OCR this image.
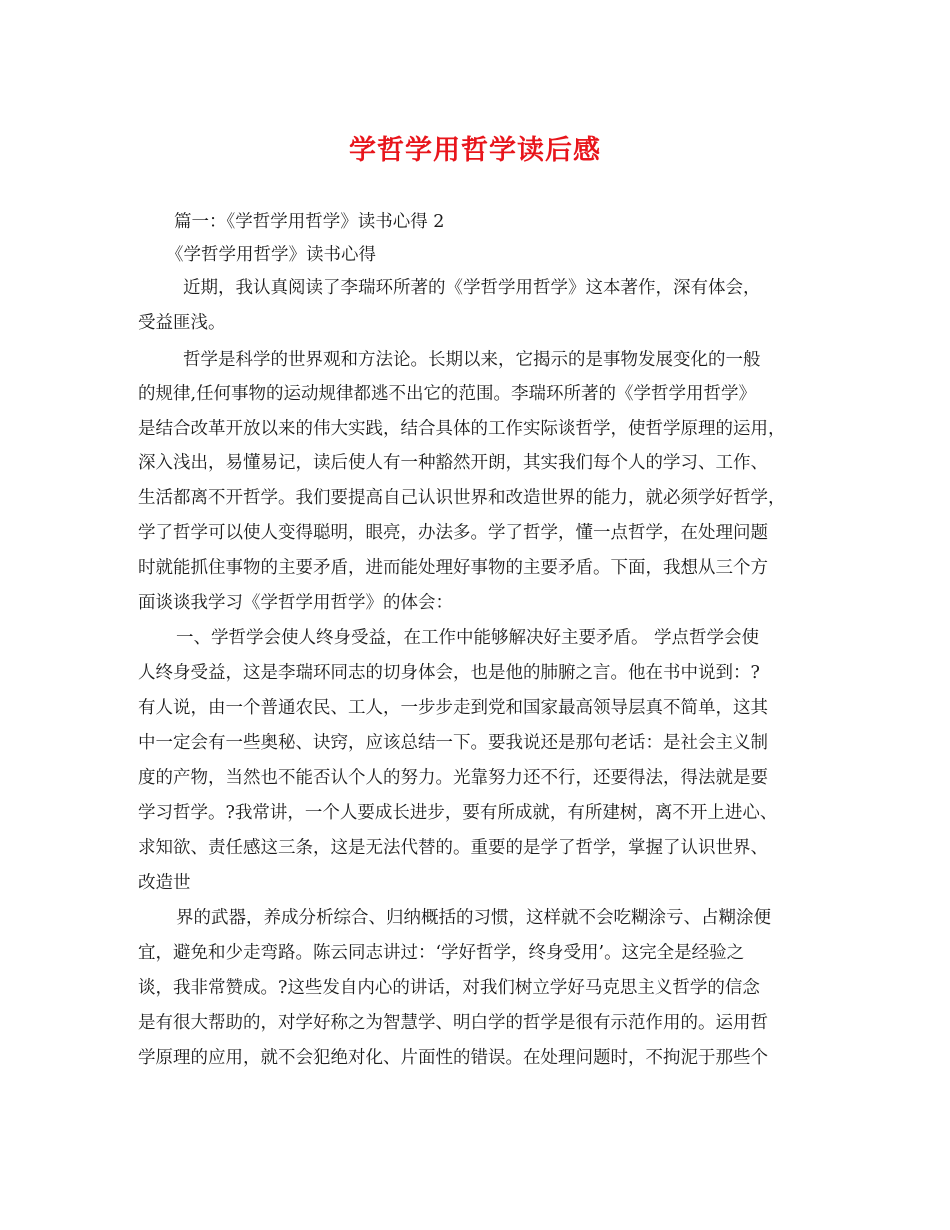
学哲学用哲学读后感
篇一：《学哲学用哲学》读书心得 2
《学哲学用哲学》读书心得
近期，我认真阅读了李瑞环所著的《学哲学用哲学》这本著作，深有体会，
受益匪浅。
哲学是科学的世界观和方法论。长期以来，它揭示的是事物发展变化的一般
的规律,任何事物的运动规律都逃不出它的范围。李瑞环所著的《学哲学用哲学》
是结合改革开放以来的伟大实践，结合具体的工作实际谈哲学，使哲学原理的运用，
深入浅出，易懂易记，读后使人有一种豁然开朗，其实我们每个人的学习、工作、
生活都离不开哲学。我们要提高自己认识世界和改造世界的能力，就必须学好哲学，
学了哲学可以使人变得聪明，眼亮，办法多。学了哲学，懂一点哲学，在处理问题
时就能抓住事物的主要矛盾，进而能处理好事物的主要矛盾。下面，我想从三个方
面谈谈我学习《学哲学用哲学》的体会：
一、学哲学会使人终身受益，在工作中能够解决好主要矛盾。 学点哲学会使
人终身受益，这是李瑞环同志的切身体会，也是他的肺腑之言。他在书中说到：?
有人说，由一个普通农民、工人，一步步走到党和国家最高领导层真不简单，这其
中一定会有一些奥秘、诀窍，应该总结一下。要我说还是那句老话：是社会主义制
度的产物，当然也不能否认个人的努力。光靠努力还不行，还要得法，得法就是要
学习哲学。?我常讲，一个人要成长进步，要有所成就，有所建树，离不开上进心、
求知欲、责任感这三条，这是无法代替的。重要的是学了哲学，掌握了认识世界、
改造世
界的武器，养成分析综合、归纳概括的习惯，这样就不会吃糊涂亏、占糊涂便
宜，避免和少走弯路。陈云同志讲过：‘学好哲学，终身受用’。这完全是经验之
谈，我非常赞成。?这些发自内心的讲话，对我们树立学好马克思主义哲学的信念
是有很大帮助的，对学好称之为智慧学、明白学的哲学是很有示范作用的。运用哲
学原理的应用，就不会犯绝对化、片面性的错误。在处理问题时，不拘泥于那些个
